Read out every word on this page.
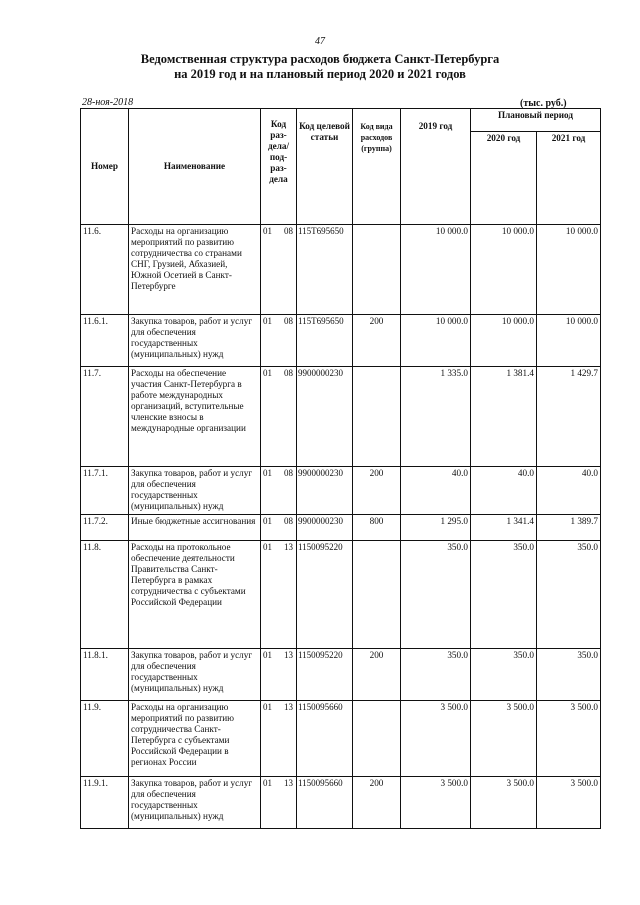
47
Ведомственная структура расходов бюджета Санкт-Петербурга
на 2019 год и на плановый период 2020 и 2021 годов
28-ноя-2018	(тыс. руб.)
Номер	Наименование	Код раз- дела/ под- раз- дела	Код целевой статьи	Код вида расходов (группа)	2019 год	Плановый период	
						2020 год	2021 год
11.6.	Расходы на организацию мероприятий по развитию сотрудничества со странами СНГ, Грузией, Абхазией, Южной Осетией в Санкт-Петербурге	01 08	115Т695650		10 000.0	10 000.0	10 000.0
11.6.1.	Закупка товаров, работ и услуг для обеспечения государственных (муниципальных) нужд	01 08	115Т695650	200	10 000.0	10 000.0	10 000.0
11.7.	Расходы на обеспечение участия Санкт-Петербурга в работе международных организаций, вступительные членские взносы в международные организации	01 08	9900000230		1 335.0	1 381.4	1 429.7
11.7.1.	Закупка товаров, работ и услуг для обеспечения государственных (муниципальных) нужд	01 08	9900000230	200	40.0	40.0	40.0
11.7.2.	Иные бюджетные ассигнования	01 08	9900000230	800	1 295.0	1 341.4	1 389.7
11.8.	Расходы на протокольное обеспечение деятельности Правительства Санкт-Петербурга в рамках сотрудничества с субъектами Российской Федерации	01 13	1150095220		350.0	350.0	350.0
11.8.1.	Закупка товаров, работ и услуг для обеспечения государственных (муниципальных) нужд	01 13	1150095220	200	350.0	350.0	350.0
11.9.	Расходы на организацию мероприятий по развитию сотрудничества Санкт-Петербурга с субъектами Российской Федерации в регионах России	01 13	1150095660		3 500.0	3 500.0	3 500.0
11.9.1.	Закупка товаров, работ и услуг для обеспечения государственных (муниципальных) нужд	01 13	1150095660	200	3 500.0	3 500.0	3 500.0
